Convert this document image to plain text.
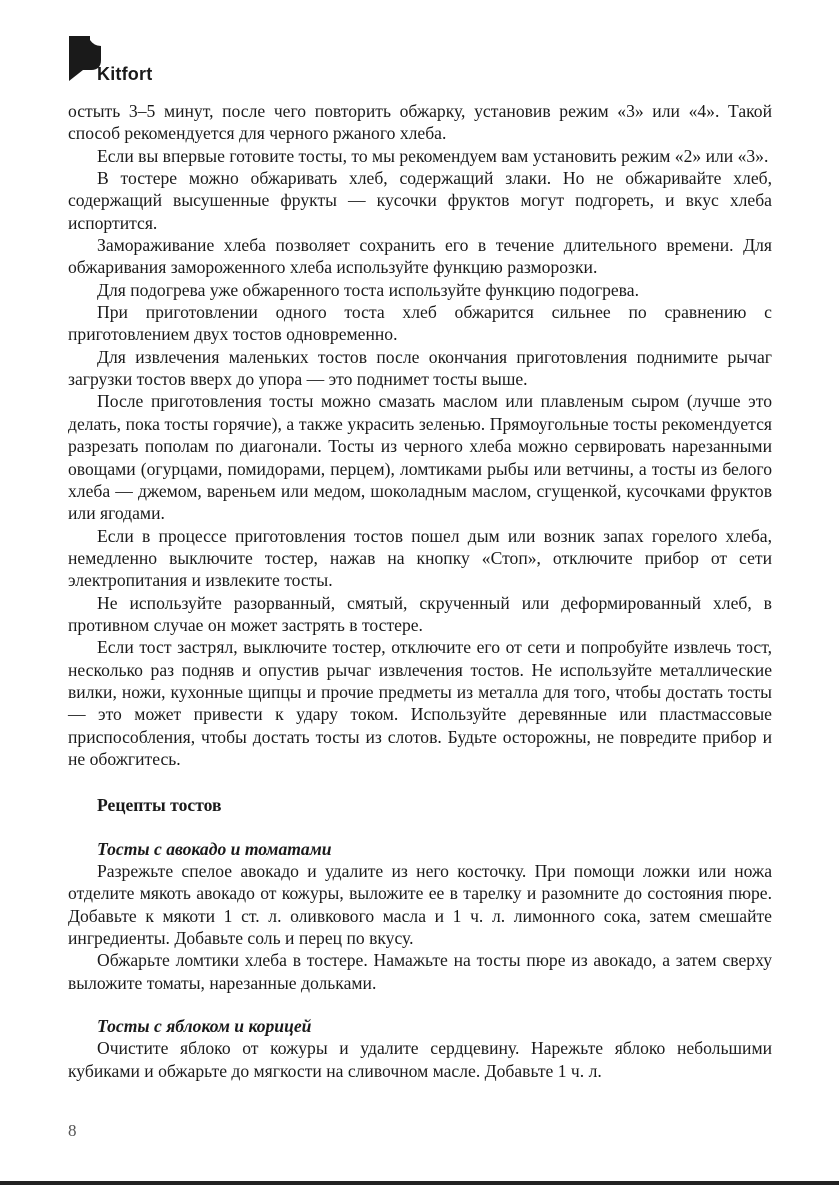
Kitfort

остыть 3–5 минут, после чего повторить обжарку, установив режим «3» или «4». Такой способ рекомендуется для черного ржаного хлеба.

Если вы впервые готовите тосты, то мы рекомендуем вам установить режим «2» или «3».

В тостере можно обжаривать хлеб, содержащий злаки. Но не обжаривайте хлеб, содержащий высушенные фрукты — кусочки фруктов могут подгореть, и вкус хлеба испортится.

Замораживание хлеба позволяет сохранить его в течение длительного времени. Для обжаривания замороженного хлеба используйте функцию разморозки.

Для подогрева уже обжаренного тоста используйте функцию подогрева.

При приготовлении одного тоста хлеб обжарится сильнее по сравнению с приготовлением двух тостов одновременно.

Для извлечения маленьких тостов после окончания приготовления поднимите рычаг загрузки тостов вверх до упора — это поднимет тосты выше.

После приготовления тосты можно смазать маслом или плавленым сыром (лучше это делать, пока тосты горячие), а также украсить зеленью. Прямоугольные тосты рекомендуется разрезать пополам по диагонали. Тосты из черного хлеба можно сервировать нарезанными овощами (огурцами, помидорами, перцем), ломтиками рыбы или ветчины, а тосты из белого хлеба — джемом, вареньем или медом, шоколадным маслом, сгущенкой, кусочками фруктов или ягодами.

Если в процессе приготовления тостов пошел дым или возник запах горелого хлеба, немедленно выключите тостер, нажав на кнопку «Стоп», отключите прибор от сети электропитания и извлеките тосты.

Не используйте разорванный, смятый, скрученный или деформированный хлеб, в противном случае он может застрять в тостере.

Если тост застрял, выключите тостер, отключите его от сети и попробуйте извлечь тост, несколько раз подняв и опустив рычаг извлечения тостов. Не используйте металлические вилки, ножи, кухонные щипцы и прочие предметы из металла для того, чтобы достать тосты — это может привести к удару током. Используйте деревянные или пластмассовые приспособления, чтобы достать тосты из слотов. Будьте осторожны, не повредите прибор и не обожгитесь.

Рецепты тостов
Тосты с авокадо и томатами

Разрежьте спелое авокадо и удалите из него косточку. При помощи ложки или ножа отделите мякоть авокадо от кожуры, выложите ее в тарелку и разомните до состояния пюре. Добавьте к мякоти 1 ст. л. оливкового масла и 1 ч. л. лимонного сока, затем смешайте ингредиенты. Добавьте соль и перец по вкусу.

Обжарьте ломтики хлеба в тостере. Намажьте на тосты пюре из авокадо, а затем сверху выложите томаты, нарезанные дольками.

Тосты с яблоком и корицей

Очистите яблоко от кожуры и удалите сердцевину. Нарежьте яблоко небольшими кубиками и обжарьте до мягкости на сливочном масле. Добавьте 1 ч. л.

8
